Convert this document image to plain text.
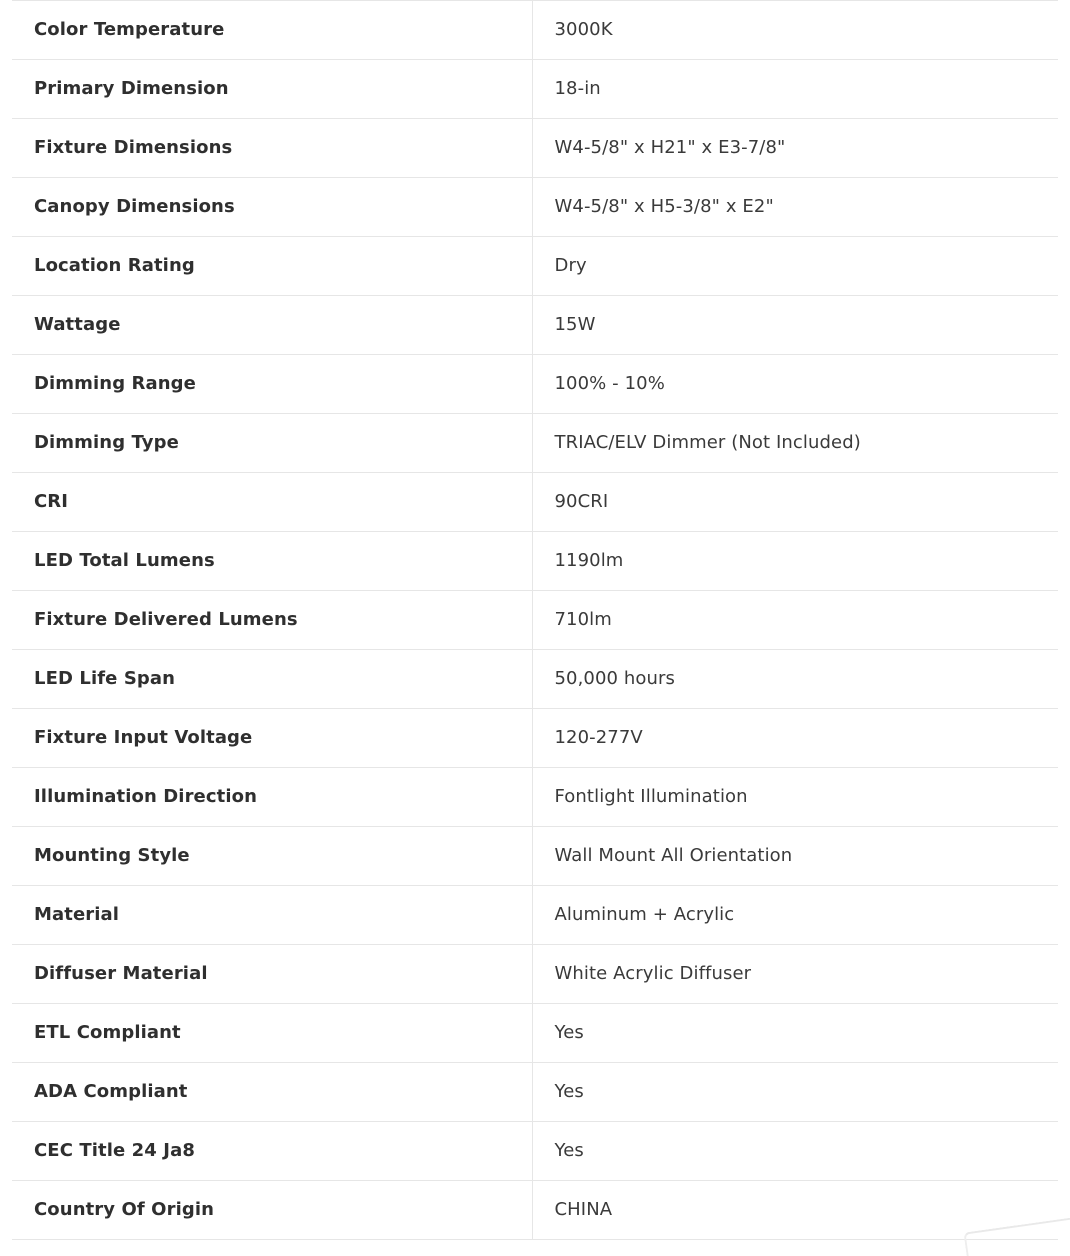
Color Temperature	3000K
Primary Dimension	18-in
Fixture Dimensions	W4-5/8" x H21" x E3-7/8"
Canopy Dimensions	W4-5/8" x H5-3/8" x E2"
Location Rating	Dry
Wattage	15W
Dimming Range	100% - 10%
Dimming Type	TRIAC/ELV Dimmer (Not Included)
CRI	90CRI
LED Total Lumens	1190lm
Fixture Delivered Lumens	710lm
LED Life Span	50,000 hours
Fixture Input Voltage	120-277V
Illumination Direction	Fontlight Illumination
Mounting Style	Wall Mount All Orientation
Material	Aluminum + Acrylic
Diffuser Material	White Acrylic Diffuser
ETL Compliant	Yes
ADA Compliant	Yes
CEC Title 24 Ja8	Yes
Country Of Origin	CHINA
